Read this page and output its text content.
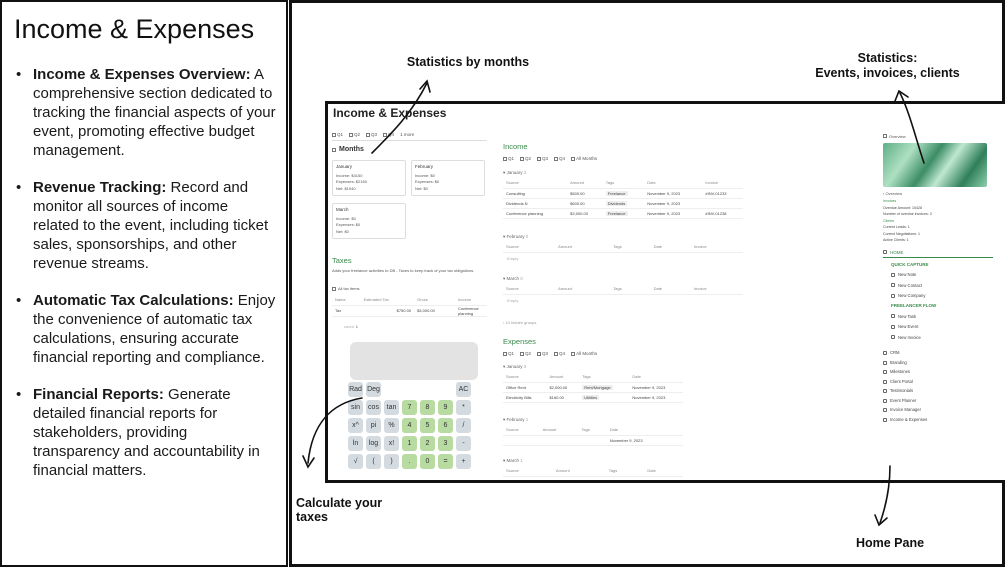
Income & Expenses
• Income & Expenses Overview: A comprehensive section dedicated to tracking the financial aspects of your event, promoting effective budget management.
• Revenue Tracking: Record and monitor all sources of income related to the event, including ticket sales, sponsorships, and other revenue streams.
• Automatic Tax Calculations: Enjoy the convenience of automatic tax calculations, ensuring accurate financial reporting and compliance.
• Financial Reports: Generate detailed financial reports for stakeholders, providing transparency and accountability in financial matters.
Statistics by months	Statistics:
Events, invoices, clients
Calculate your taxes
Home Pane
Income & Expenses
Q1 Q2 Q3 Q4 1 more
Months
January
Income: $4150
Expenses: $2160
Net: $1940
February
Income: $0
Expenses: $0
Net: $0
March
Income: $0
Expenses: $0
Net: $0
Taxes
Adds your freelance activities to DB - Taxes to keep track of your tax obligations.
All tax items
Name	Estimated Tax	Gross	Income
Tax	$750.00	$3,000.00	Conference planning
count 1
Rad Deg	AC
sin	cos	tan	7	8	9	*
x^	pi	%	4	5	6	/
ln	log	x!	1	2	3	-
√	(	)	.	0	=	+
Income
Q1 Q2 Q3 Q4 All Months
▾ January 3
Source	Amount	Tags	Date	Invoice
Consulting	$500.00	Freelance	November 9, 2023	#INV-01233
Dividends N	$600.00	Dividends	November 9, 2023	
Conference planning	$3,000.00	Freelance	November 9, 2023	#INV-01238
▾ February 0
Source	Amount	Tags	Date	Invoice
Empty
▾ March 0
Source	Amount	Tags	Date	Invoice
Empty
› 10 hidden groups
Expenses
Q1 Q2 Q3 Q4 All Months
▾ January 3
Source	Amount	Tags	Date
Office Rent	$2,000.00	Rent/Mortgage	November 9, 2023
Electricity Bills	$160.00	Utilities	November 9, 2023
▾ February 1
Source	Amount	Tags	Date
			November 9, 2023
▾ March 1
Source	Amount	Tags	Date
Overview
› Overview
Invoices
Overdue Amount: 10428
Number of overdue invoices: 3
Clients
Current Leads: 1
Current Negotiations: 1
Active Clients: 1
HOME
QUICK CAPTURE
New Note
New Contact
New Company
FREELANCER FLOW
New Task
New Event
New Invoice
CRM
Branding
Milestones
Client Portal
Testimonials
Event Planner
Invoice Manager
Income & Expenses
